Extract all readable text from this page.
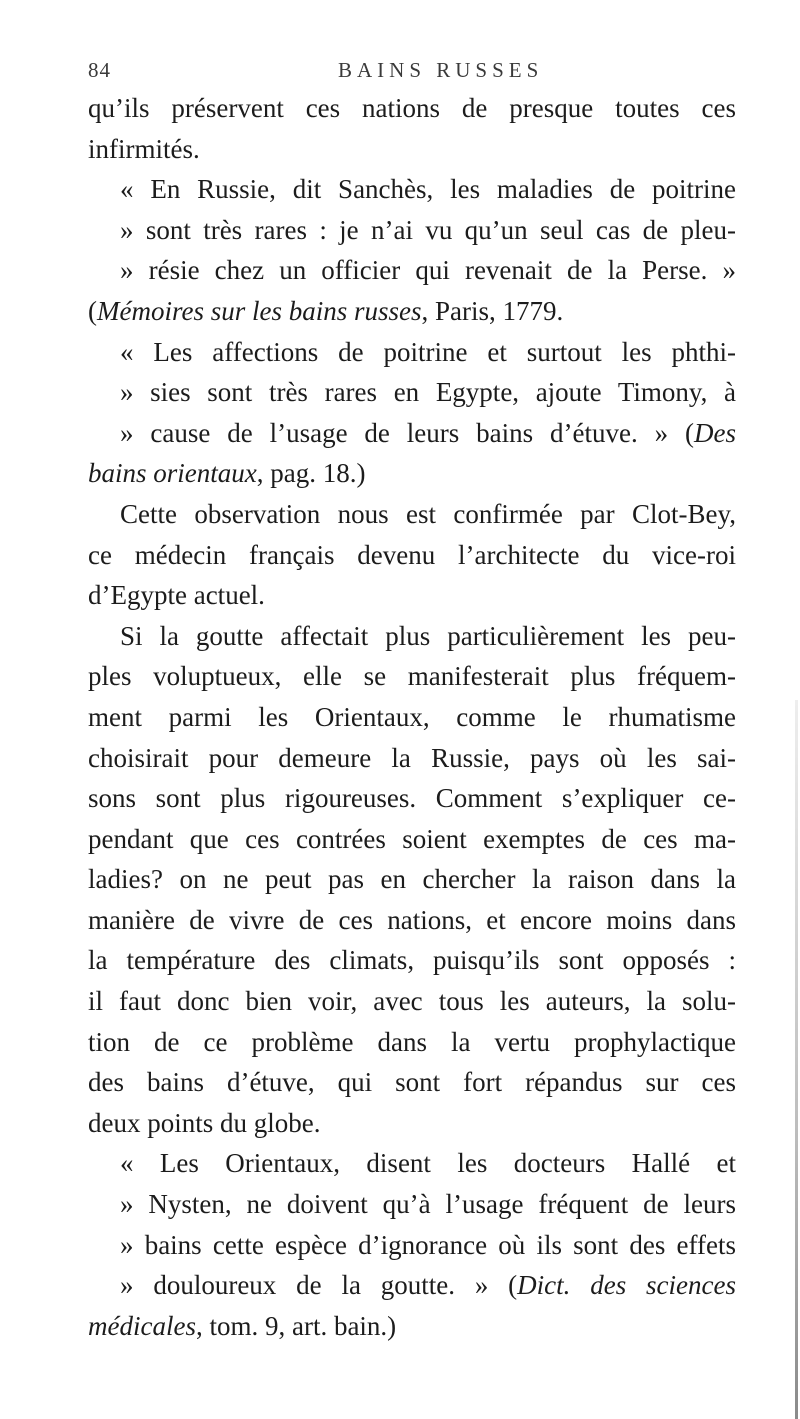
84	BAINS RUSSES
qu’ils préservent ces nations de presque toutes ces
infirmités.
« En Russie, dit Sanchès, les maladies de poitrine
» sont très rares : je n’ai vu qu’un seul cas de pleu-
» résie chez un officier qui revenait de la Perse. »
(Mémoires sur les bains russes, Paris, 1779.
« Les affections de poitrine et surtout les phthi-
» sies sont très rares en Egypte, ajoute Timony, à
» cause de l’usage de leurs bains d’étuve. » (Des
bains orientaux, pag. 18.)
Cette observation nous est confirmée par Clot-Bey,
ce médecin français devenu l’architecte du vice-roi
d’Egypte actuel.
Si la goutte affectait plus particulièrement les peu-
ples voluptueux, elle se manifesterait plus fréquem-
ment parmi les Orientaux, comme le rhumatisme
choisirait pour demeure la Russie, pays où les sai-
sons sont plus rigoureuses. Comment s’expliquer ce-
pendant que ces contrées soient exemptes de ces ma-
ladies? on ne peut pas en chercher la raison dans la
manière de vivre de ces nations, et encore moins dans
la température des climats, puisqu’ils sont opposés :
il faut donc bien voir, avec tous les auteurs, la solu-
tion de ce problème dans la vertu prophylactique
des bains d’étuve, qui sont fort répandus sur ces
deux points du globe.
« Les Orientaux, disent les docteurs Hallé et
» Nysten, ne doivent qu’à l’usage fréquent de leurs
» bains cette espèce d’ignorance où ils sont des effets
» douloureux de la goutte. » (Dict. des sciences
médicales, tom. 9, art. bain.)
